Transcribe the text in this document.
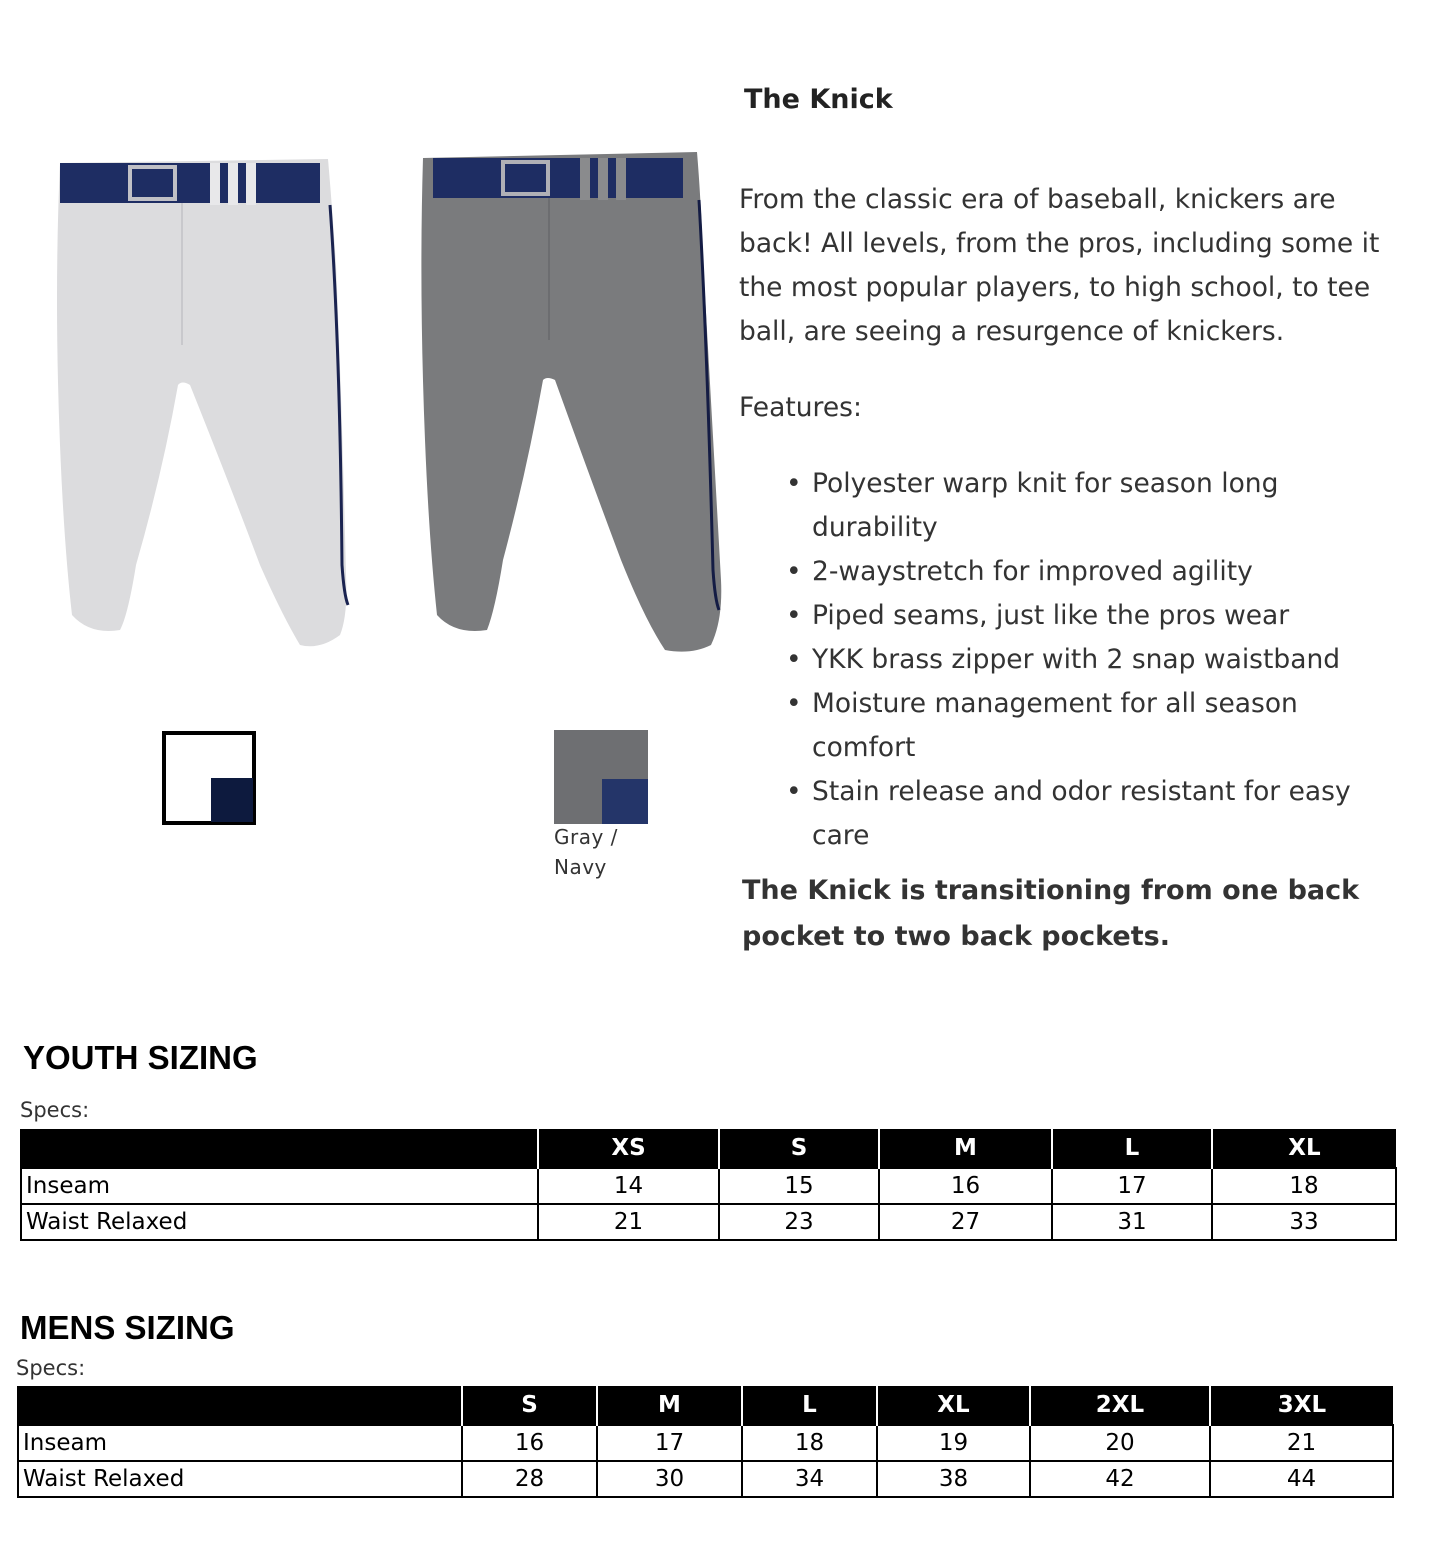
Gray / Navy
The Knick
From the classic era of baseball, knickers are back! All levels, from the pros, including some it the most popular players, to high school, to tee ball, are seeing a resurgence of knickers.
Features:
• Polyester warp knit for season long durability
• 2-waystretch for improved agility
• Piped seams, just like the pros wear
• YKK brass zipper with 2 snap waistband
• Moisture management for all season comfort
• Stain release and odor resistant for easy care
The Knick is transitioning from one back pocket to two back pockets.
YOUTH SIZING
Specs:
	XS	S	M	L	XL
Inseam	14	15	16	17	18
Waist Relaxed	21	23	27	31	33
MENS SIZING
Specs:
	S	M	L	XL	2XL	3XL
Inseam	16	17	18	19	20	21
Waist Relaxed	28	30	34	38	42	44
